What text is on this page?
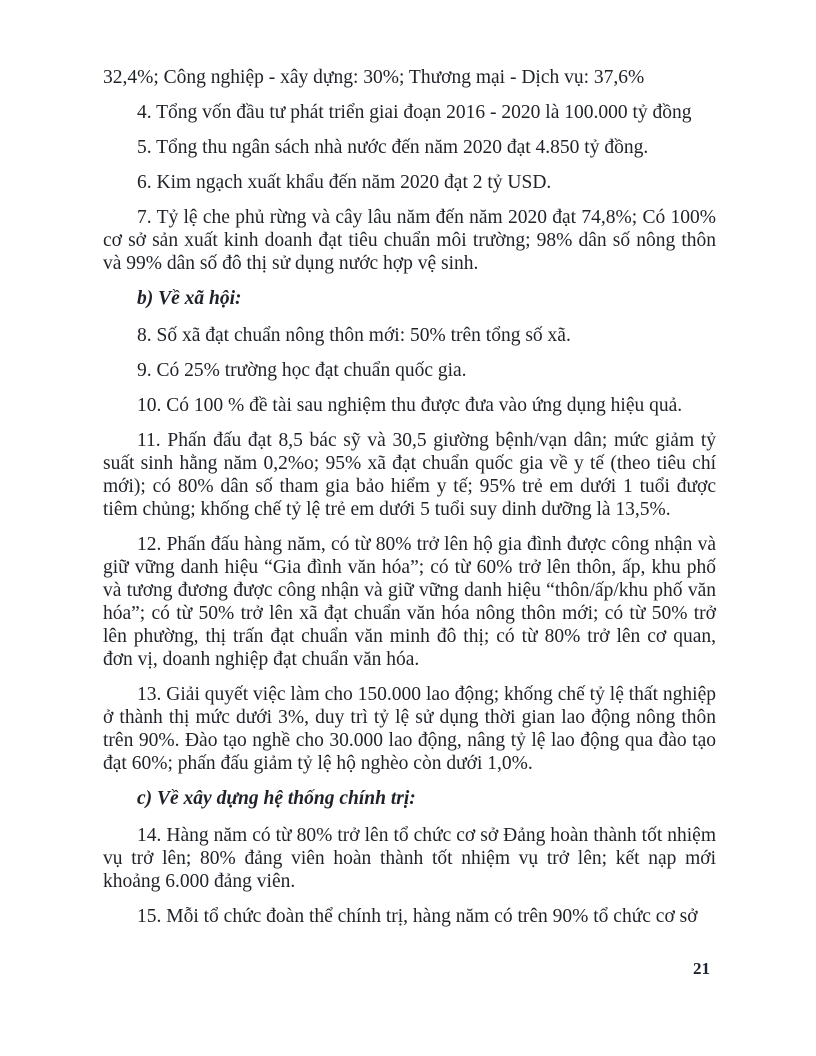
32,4%; Công nghiệp - xây dựng: 30%; Thương mại - Dịch vụ: 37,6%

4. Tổng vốn đầu tư phát triển giai đoạn 2016 - 2020 là 100.000 tỷ đồng

5. Tổng thu ngân sách nhà nước đến năm 2020 đạt 4.850 tỷ đồng.

6. Kim ngạch xuất khẩu đến năm 2020 đạt 2 tỷ USD.

7. Tỷ lệ che phủ rừng và cây lâu năm đến năm 2020 đạt 74,8%; Có 100% cơ sở sản xuất kinh doanh đạt tiêu chuẩn môi trường; 98% dân số nông thôn và 99% dân số đô thị sử dụng nước hợp vệ sinh.

b) Về xã hội:

8. Số xã đạt chuẩn nông thôn mới: 50% trên tổng số xã.

9. Có 25% trường học đạt chuẩn quốc gia.

10. Có 100 % đề tài sau nghiệm thu được đưa vào ứng dụng hiệu quả.

11. Phấn đấu đạt 8,5 bác sỹ và 30,5 giường bệnh/vạn dân; mức giảm tỷ suất sinh hằng năm 0,2%o; 95% xã đạt chuẩn quốc gia về y tế (theo tiêu chí mới); có 80% dân số tham gia bảo hiểm y tế; 95% trẻ em dưới 1 tuổi được tiêm chủng; khống chế tỷ lệ trẻ em dưới 5 tuổi suy dinh dưỡng là 13,5%.

12. Phấn đấu hàng năm, có từ 80% trở lên hộ gia đình được công nhận và giữ vững danh hiệu “Gia đình văn hóa”; có từ 60% trở lên thôn, ấp, khu phố và tương đương được công nhận và giữ vững danh hiệu “thôn/ấp/khu phố văn hóa”; có từ 50% trở lên xã đạt chuẩn văn hóa nông thôn mới; có từ 50% trở lên phường, thị trấn đạt chuẩn văn minh đô thị; có từ 80% trở lên cơ quan, đơn vị, doanh nghiệp đạt chuẩn văn hóa.

13. Giải quyết việc làm cho 150.000 lao động; khống chế tỷ lệ thất nghiệp ở thành thị mức dưới 3%, duy trì tỷ lệ sử dụng thời gian lao động nông thôn trên 90%. Đào tạo nghề cho 30.000 lao động, nâng tỷ lệ lao động qua đào tạo đạt 60%; phấn đấu giảm tỷ lệ hộ nghèo còn dưới 1,0%.

c) Về xây dựng hệ thống chính trị:

14. Hàng năm có từ 80% trở lên tổ chức cơ sở Đảng hoàn thành tốt nhiệm vụ trở lên; 80% đảng viên hoàn thành tốt nhiệm vụ trở lên; kết nạp mới khoảng 6.000 đảng viên.

15. Mỗi tổ chức đoàn thể chính trị, hàng năm có trên 90% tổ chức cơ sở

21
